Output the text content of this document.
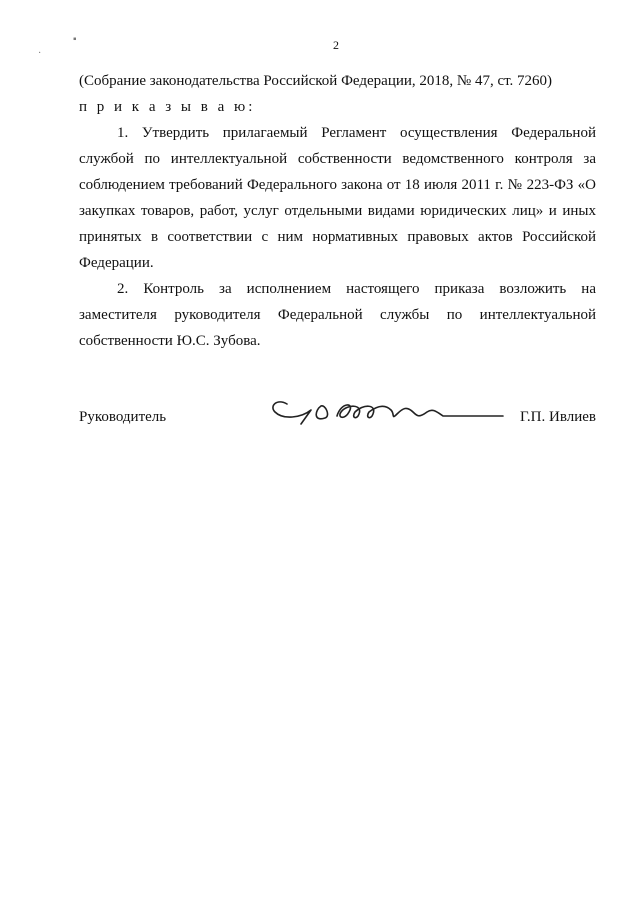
2
▪
·

(Собрание законодательства Российской Федерации, 2018, № 47, ст. 7260)

п р и к а з ы в а ю:

1. Утвердить прилагаемый Регламент осуществления Федеральной службой по интеллектуальной собственности ведомственного контроля за соблюдением требований Федерального закона от 18 июля 2011 г. № 223-ФЗ «О закупках товаров, работ, услуг отдельными видами юридических лиц» и иных принятых в соответствии с ним нормативных правовых актов Российской Федерации.

2. Контроль за исполнением настоящего приказа возложить на заместителя руководителя Федеральной службы по интеллектуальной собственности Ю.С. Зубова.

Руководитель	Г.П. Ивлиев
